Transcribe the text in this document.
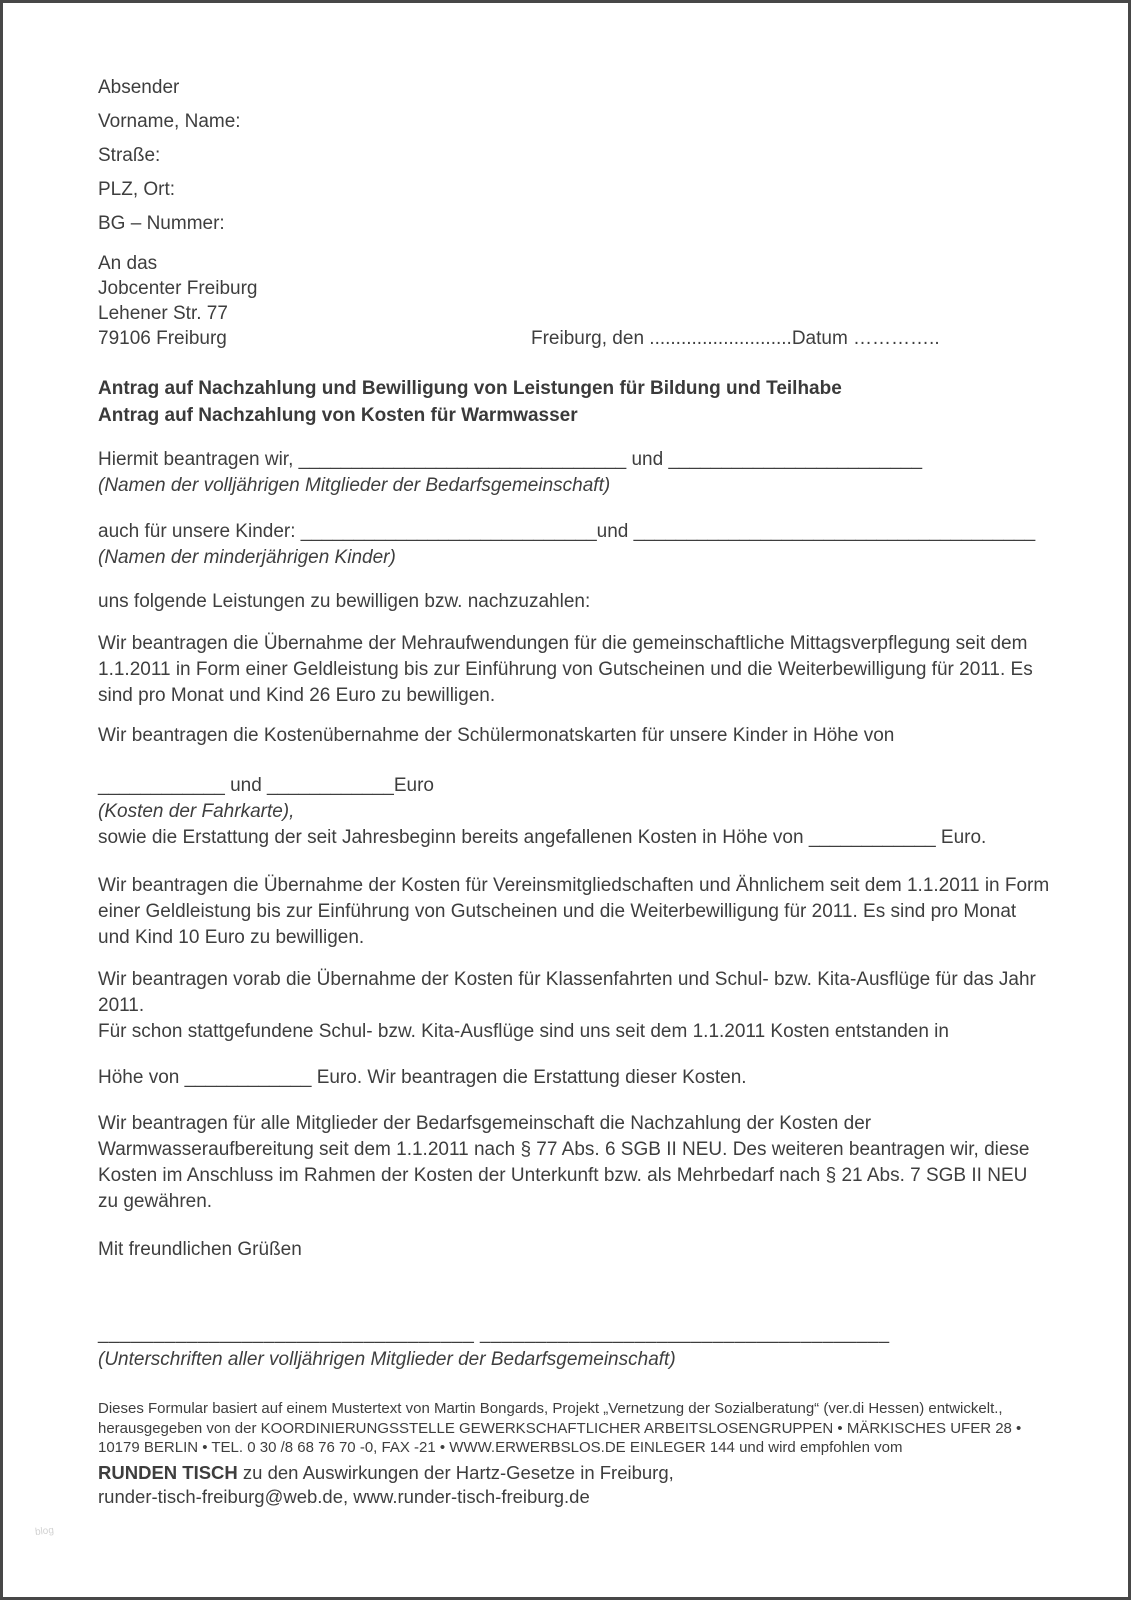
Absender
Vorname, Name:
Straße:
PLZ, Ort:
BG – Nummer:
An das
Jobcenter Freiburg
Lehener Str. 77
79106 Freiburg	Freiburg, den ...........................Datum …………..
Antrag auf Nachzahlung und Bewilligung von Leistungen für Bildung und Teilhabe
Antrag auf Nachzahlung von Kosten für Warmwasser
Hiermit beantragen wir, _______________________________ und ________________________
(Namen der volljährigen Mitglieder der Bedarfsgemeinschaft)
auch für unsere Kinder: ____________________________und ______________________________________
(Namen der minderjährigen Kinder)

uns folgende Leistungen zu bewilligen bzw. nachzuzahlen:

Wir beantragen die Übernahme der Mehraufwendungen für die gemeinschaftliche Mittagsverpflegung seit dem 1.1.2011 in Form einer Geldleistung bis zur Einführung von Gutscheinen und die Weiterbewilligung für 2011. Es sind pro Monat und Kind 26 Euro zu bewilligen.

Wir beantragen die Kostenübernahme der Schülermonatskarten für unsere Kinder in Höhe von

____________ und ____________Euro
(Kosten der Fahrkarte),
sowie die Erstattung der seit Jahresbeginn bereits angefallenen Kosten in Höhe von ____________ Euro.

Wir beantragen die Übernahme der Kosten für Vereinsmitgliedschaften und Ähnlichem seit dem 1.1.2011 in Form einer Geldleistung bis zur Einführung von Gutscheinen und die Weiterbewilligung für 2011. Es sind pro Monat und Kind 10 Euro zu bewilligen.

Wir beantragen vorab die Übernahme der Kosten für Klassenfahrten und Schul- bzw. Kita-Ausflüge für das Jahr 2011.
Für schon stattgefundene Schul- bzw. Kita-Ausflüge sind uns seit dem 1.1.2011 Kosten entstanden in

Höhe von ____________ Euro. Wir beantragen die Erstattung dieser Kosten.

Wir beantragen für alle Mitglieder der Bedarfsgemeinschaft die Nachzahlung der Kosten der Warmwasseraufbereitung seit dem 1.1.2011 nach § 77 Abs. 6 SGB II NEU. Des weiteren beantragen wir, diese Kosten im Anschluss im Rahmen der Kosten der Unterkunft bzw. als Mehrbedarf nach § 21 Abs. 7 SGB II NEU zu gewähren.

Mit freundlichen Grüßen

__________________________________ _____________________________________
(Unterschriften aller volljährigen Mitglieder der Bedarfsgemeinschaft)
Dieses Formular basiert auf einem Mustertext von Martin Bongards, Projekt „Vernetzung der Sozialberatung“ (ver.di Hessen) entwickelt., herausgegeben von der KOORDINIERUNGSSTELLE GEWERKSCHAFTLICHER ARBEITSLOSENGRUPPEN • MÄRKISCHES UFER 28 • 10179 BERLIN • TEL. 0 30 /8 68 76 70 -0, FAX -21 • WWW.ERWERBSLOS.DE EINLEGER 144 und wird empfohlen vom
RUNDEN TISCH zu den Auswirkungen der Hartz-Gesetze in Freiburg,
runder-tisch-freiburg@web.de, www.runder-tisch-freiburg.de
blog
